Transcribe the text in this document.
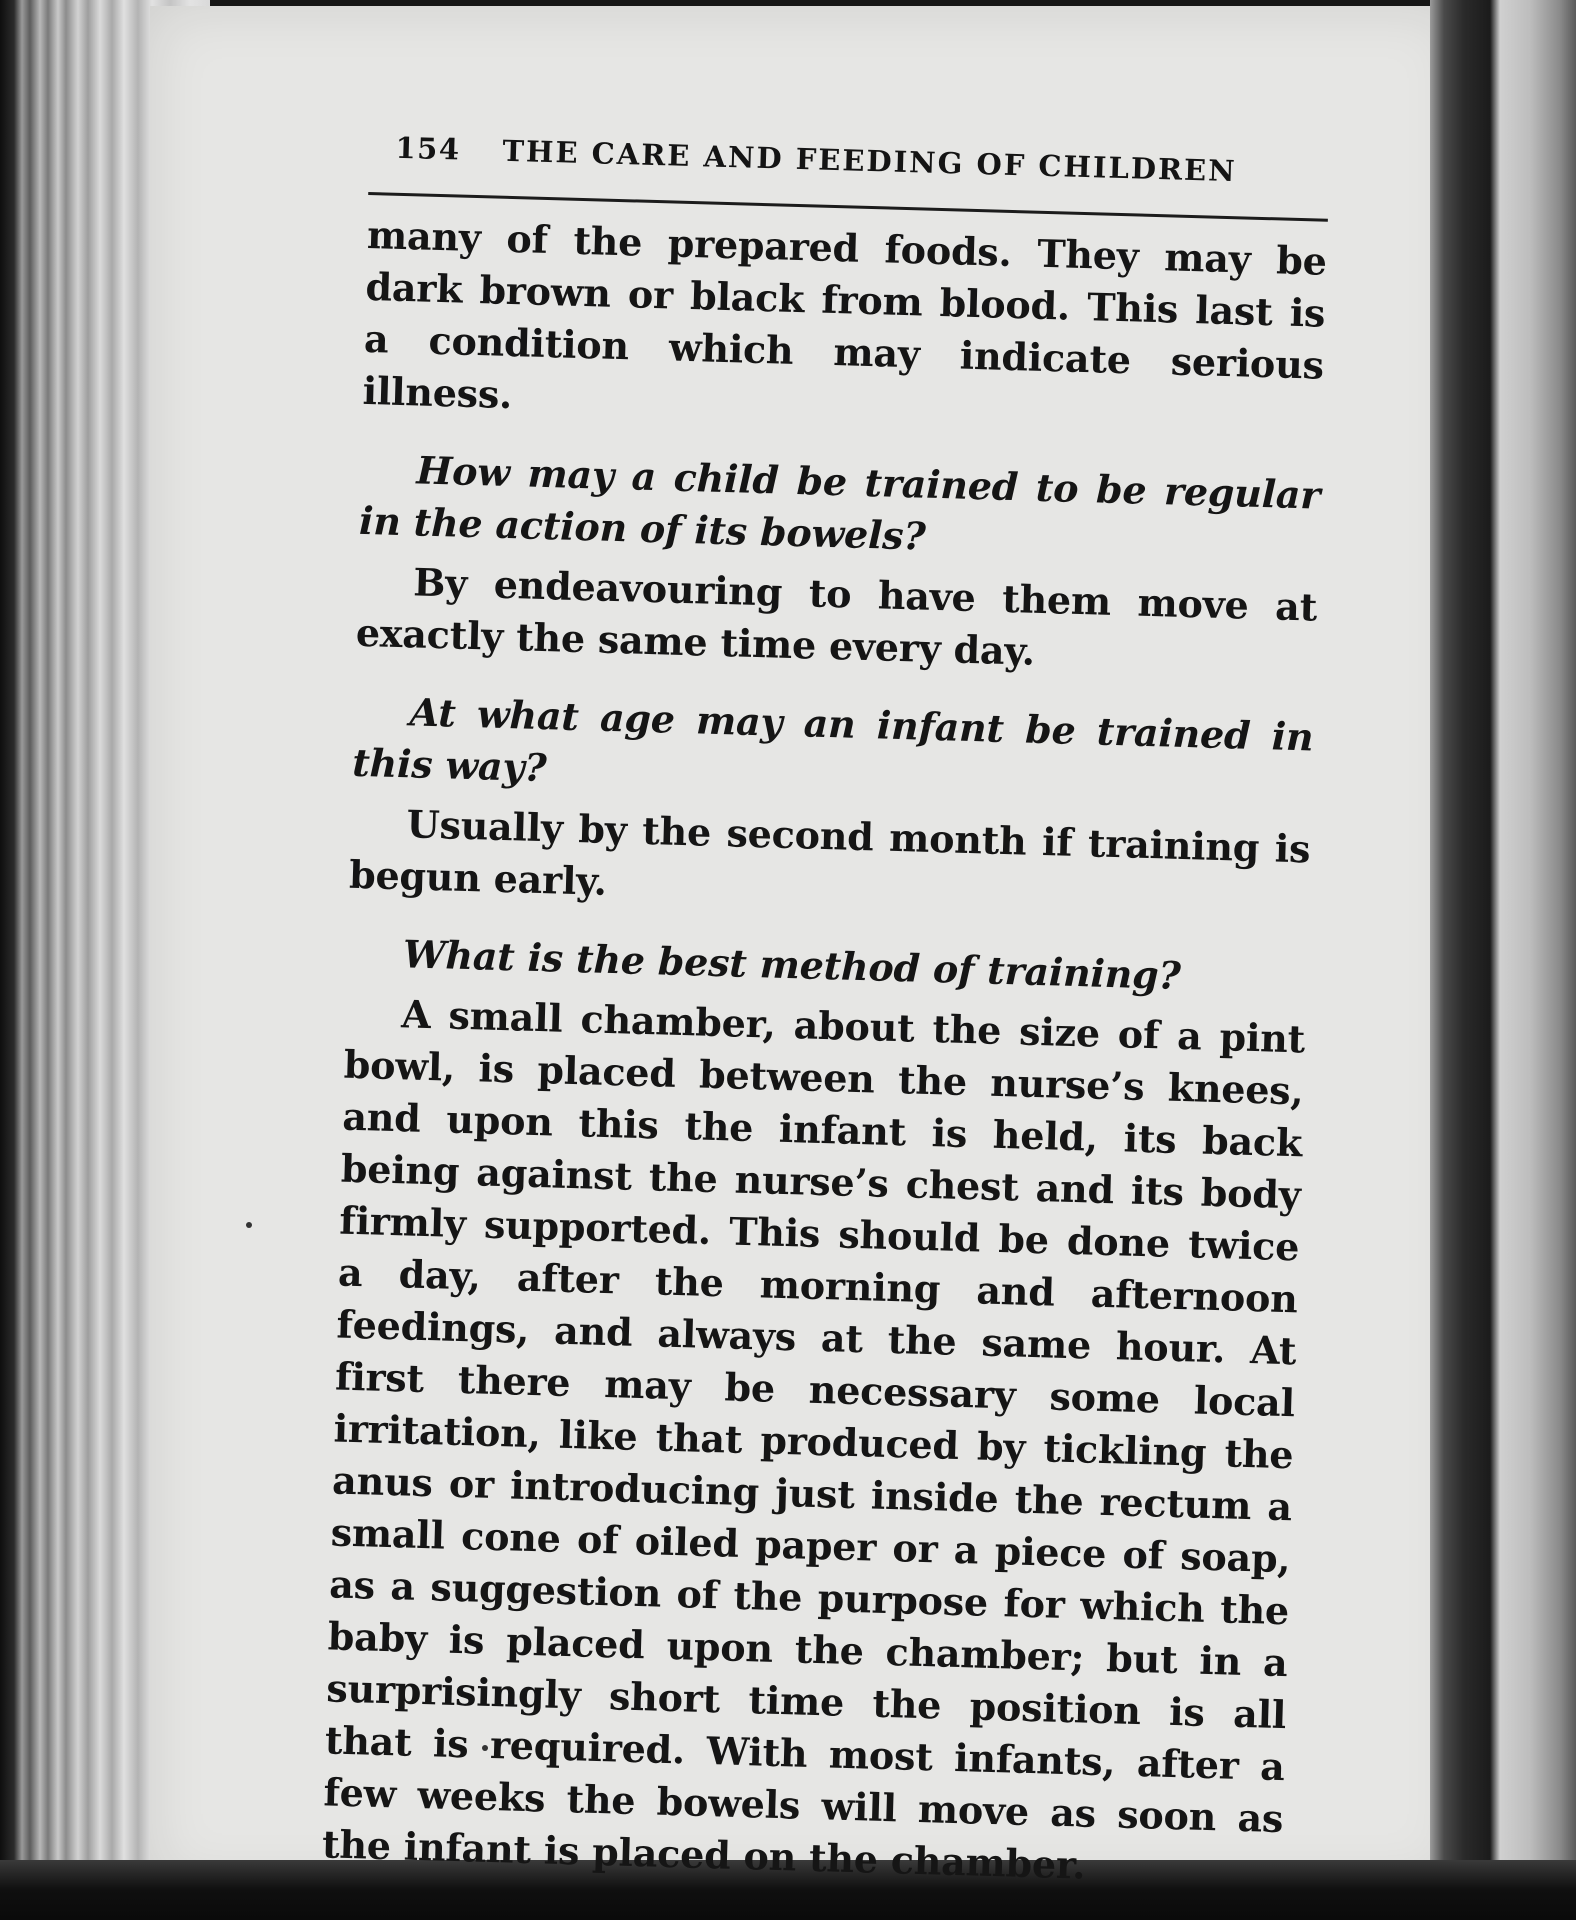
154 THE CARE AND FEEDING OF CHILDREN

many of the prepared foods. They may be dark brown or black from blood. This last is a condition which may indicate serious illness.

How may a child be trained to be regular in the action of its bowels?

By endeavouring to have them move at exactly the same time every day.

At what age may an infant be trained in this way?

Usually by the second month if training is begun early.

What is the best method of training?

A small chamber, about the size of a pint bowl, is placed between the nurse’s knees, and upon this the infant is held, its back being against the nurse’s chest and its body firmly supported. This should be done twice a day, after the morning and afternoon feedings, and always at the same hour. At first there may be necessary some local irritation, like that produced by tickling the anus or introducing just inside the rectum a small cone of oiled paper or a piece of soap, as a suggestion of the purpose for which the baby is placed upon the chamber; but in a surprisingly short time the position is all that is required. With most infants, after a few weeks the bowels will move as soon as the infant is placed on the chamber.
